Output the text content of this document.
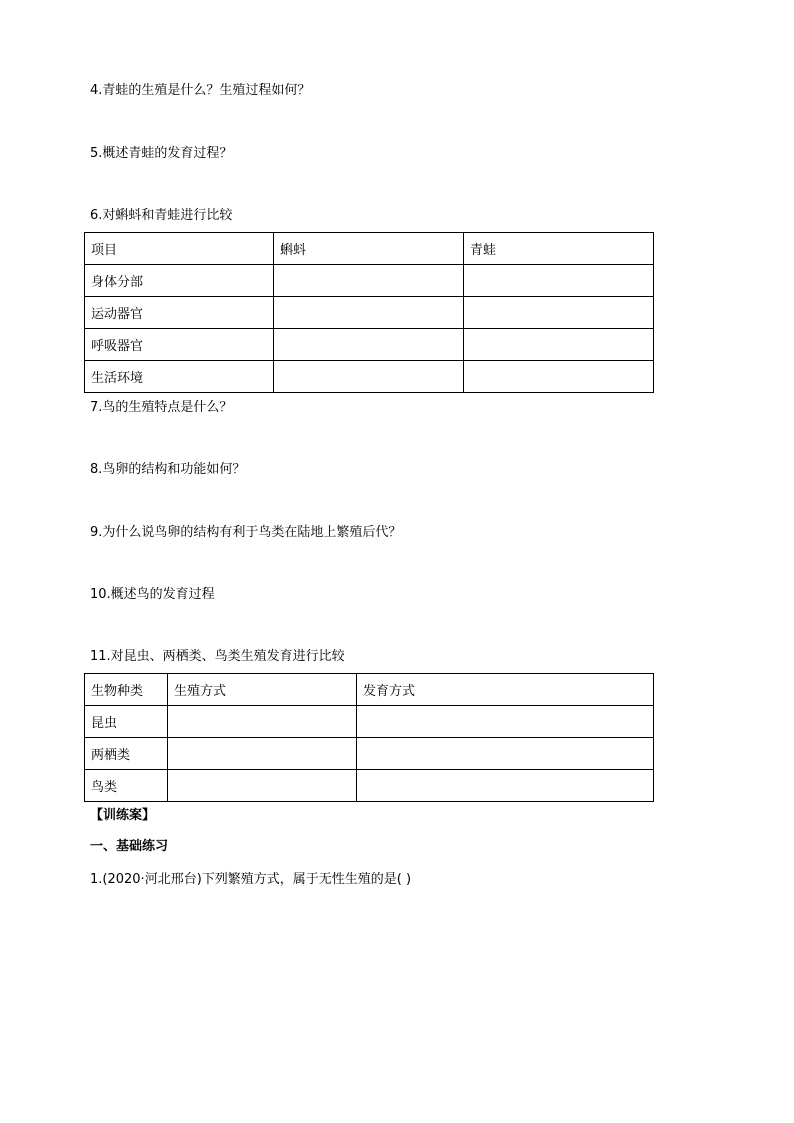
4.青蛙的生殖是什么？生殖过程如何？

5.概述青蛙的发育过程？

6.对蝌蚪和青蛙进行比较

项目	蝌蚪	青蛙
身体分部		
运动器官		
呼吸器官		
生活环境		

7.鸟的生殖特点是什么？

8.鸟卵的结构和功能如何？

9.为什么说鸟卵的结构有利于鸟类在陆地上繁殖后代？

10.概述鸟的发育过程

11.对昆虫、两栖类、鸟类生殖发育进行比较

生物种类	生殖方式	发育方式
昆虫		
两栖类		
鸟类		

【训练案】

一、基础练习

1.(2020·河北邢台)下列繁殖方式，属于无性生殖的是( )
